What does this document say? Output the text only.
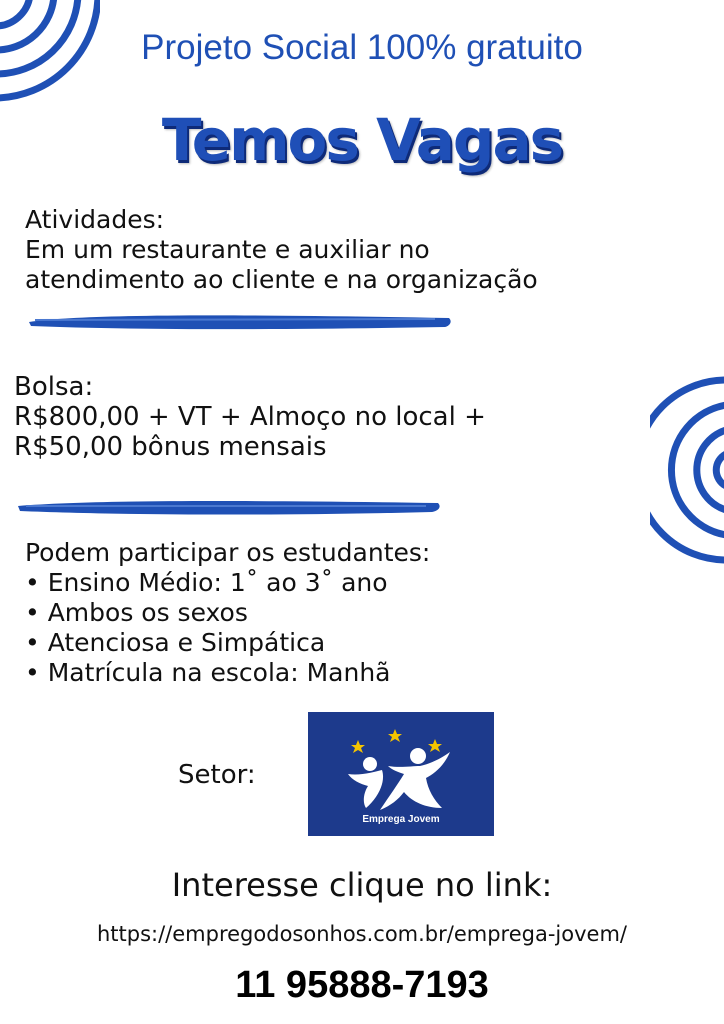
Projeto Social 100% gratuito
Temos Vagas
Atividades:
Em um restaurante e auxiliar no
atendimento ao cliente e na organização
Bolsa:
R$800,00 + VT + Almoço no local +
R$50,00 bônus mensais
Podem participar os estudantes:
• Ensino Médio: 1˚ ao 3˚ ano
• Ambos os sexos
• Atenciosa e Simpática
• Matrícula na escola: Manhã
Setor:
Emprega Jovem
Interesse clique no link:
https://empregodosonhos.com.br/emprega-jovem/
11 95888-7193
